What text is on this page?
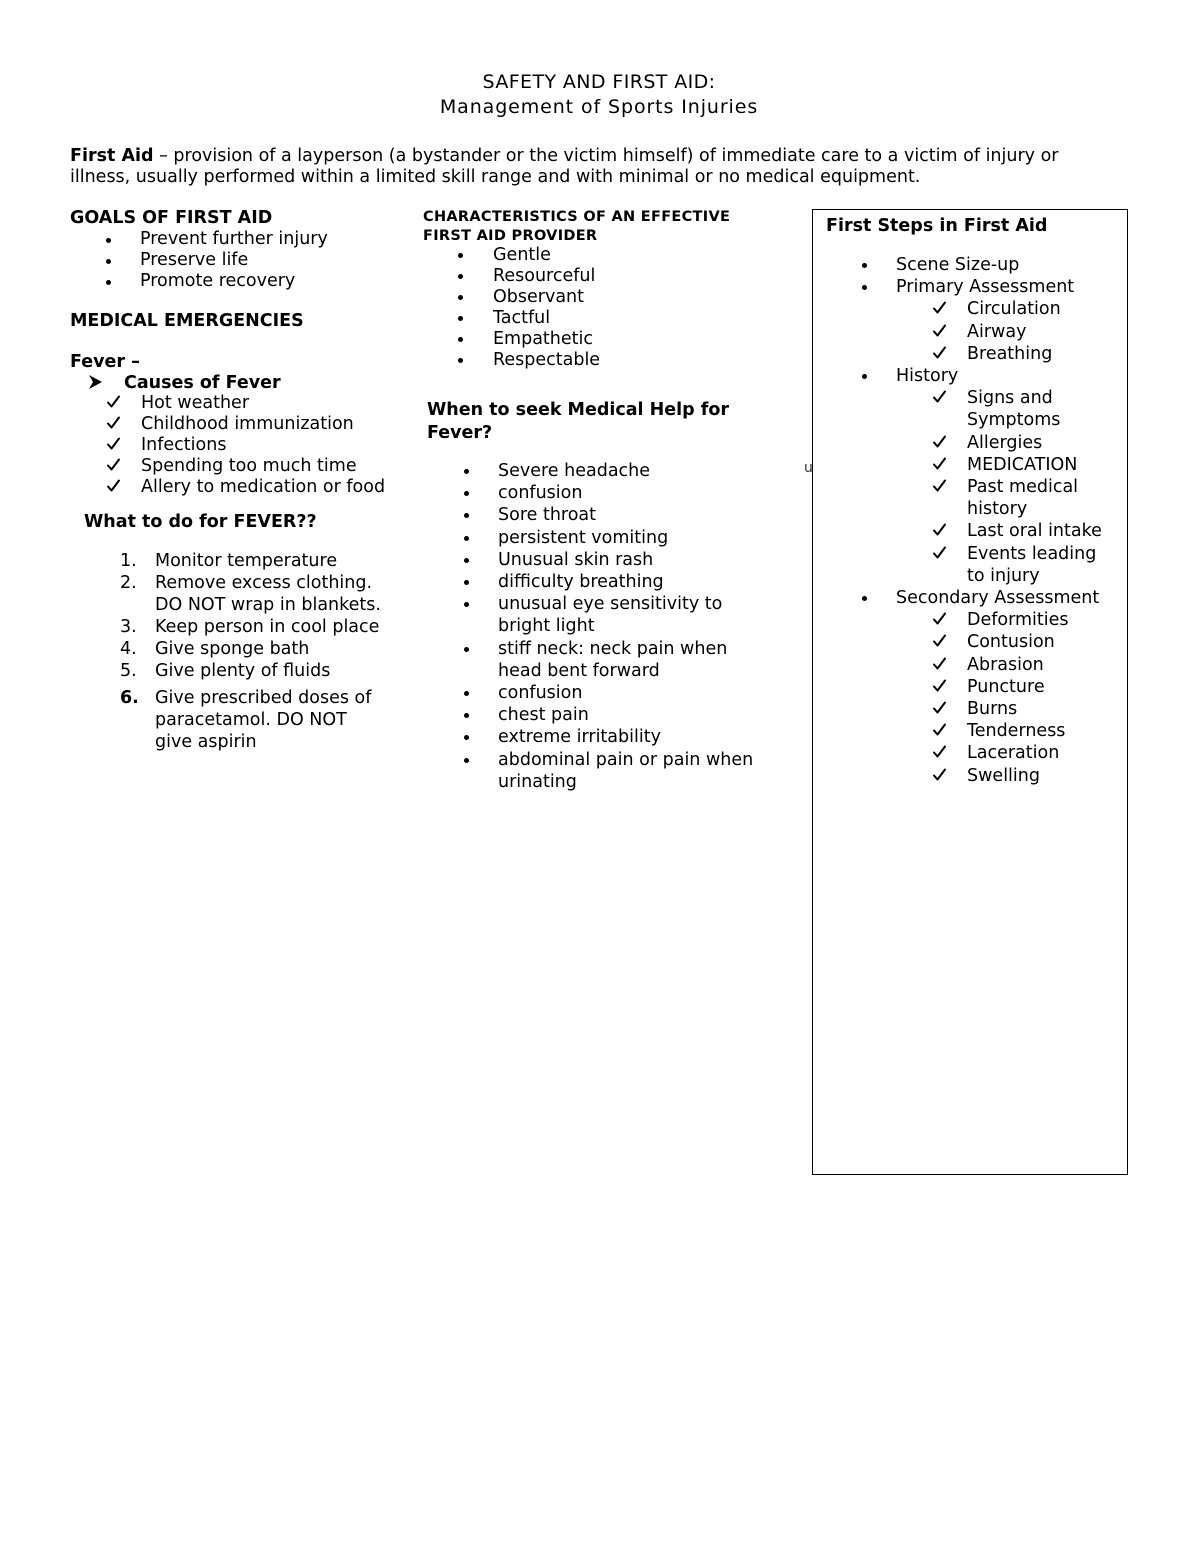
SAFETY AND FIRST AID:
Management of Sports Injuries
First Aid – provision of a layperson (a bystander or the victim himself) of immediate care to a victim of injury or illness, usually performed within a limited skill range and with minimal or no medical equipment.
GOALS OF FIRST AID
Prevent further injury
Preserve life
Promote recovery
MEDICAL EMERGENCIES
Fever –
Causes of Fever
Hot weather
Childhood immunization
Infections
Spending too much time
Allery to medication or food
What to do for FEVER??
1. Monitor temperature
2. Remove excess clothing.
DO NOT wrap in blankets.
3. Keep person in cool place
4. Give sponge bath
5. Give plenty of fluids
6. Give prescribed doses of
paracetamol. DO NOT
give aspirin
CHARACTERISTICS OF AN EFFECTIVE
FIRST AID PROVIDER
Gentle
Resourceful
Observant
Tactful
Empathetic
Respectable
When to seek Medical Help for
Fever?
Severe headache
confusion
Sore throat
persistent vomiting
Unusual skin rash
difficulty breathing
unusual eye sensitivity to
bright light
stiff neck: neck pain when
head bent forward
confusion
chest pain
extreme irritability
abdominal pain or pain when
urinating
u
First Steps in First Aid
Scene Size-up
Primary Assessment
Circulation
Airway
Breathing
History
Signs and
Symptoms
Allergies
MEDICATION
Past medical
history
Last oral intake
Events leading
to injury
Secondary Assessment
Deformities
Contusion
Abrasion
Puncture
Burns
Tenderness
Laceration
Swelling
